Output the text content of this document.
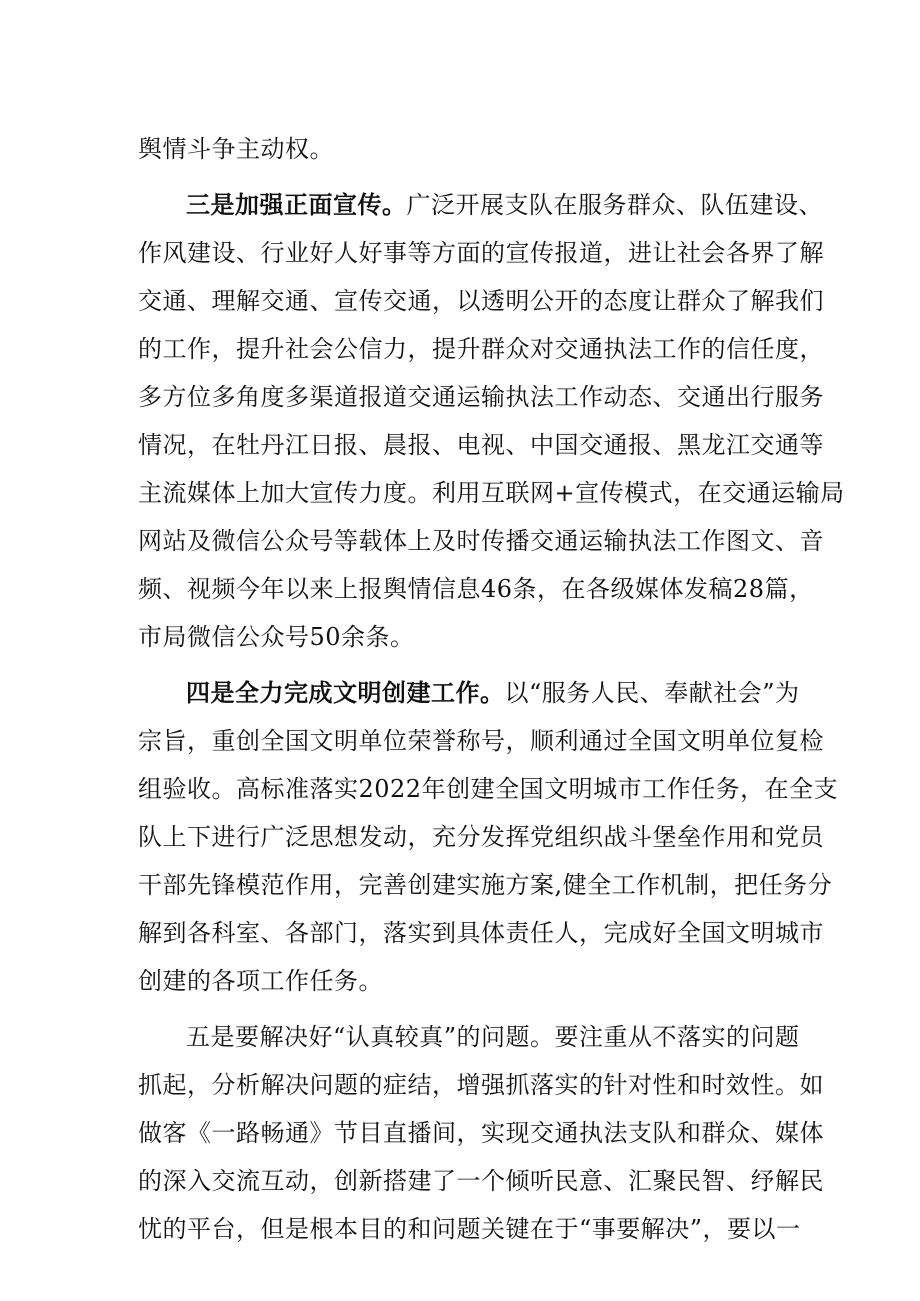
舆情斗争主动权。
三是加强正面宣传。广泛开展支队在服务群众、队伍建设、
作风建设、行业好人好事等方面的宣传报道，进让社会各界了解
交通、理解交通、宣传交通，以透明公开的态度让群众了解我们
的工作，提升社会公信力，提升群众对交通执法工作的信任度，
多方位多角度多渠道报道交通运输执法工作动态、交通出行服务
情况，在牡丹江日报、晨报、电视、中国交通报、黑龙江交通等
主流媒体上加大宣传力度。利用互联网+宣传模式，在交通运输局
网站及微信公众号等载体上及时传播交通运输执法工作图文、音
频、视频今年以来上报舆情信息46条，在各级媒体发稿28篇，
市局微信公众号50余条。
四是全力完成文明创建工作。以“服务人民、奉献社会”为
宗旨，重创全国文明单位荣誉称号，顺利通过全国文明单位复检
组验收。高标准落实2022年创建全国文明城市工作任务，在全支
队上下进行广泛思想发动，充分发挥党组织战斗堡垒作用和党员
干部先锋模范作用，完善创建实施方案,健全工作机制，把任务分
解到各科室、各部门，落实到具体责任人，完成好全国文明城市
创建的各项工作任务。
五是要解决好“认真较真”的问题。要注重从不落实的问题
抓起，分析解决问题的症结，增强抓落实的针对性和时效性。如
做客《一路畅通》节目直播间，实现交通执法支队和群众、媒体
的深入交流互动，创新搭建了一个倾听民意、汇聚民智、纾解民
忧的平台，但是根本目的和问题关键在于“事要解决”，要以一
